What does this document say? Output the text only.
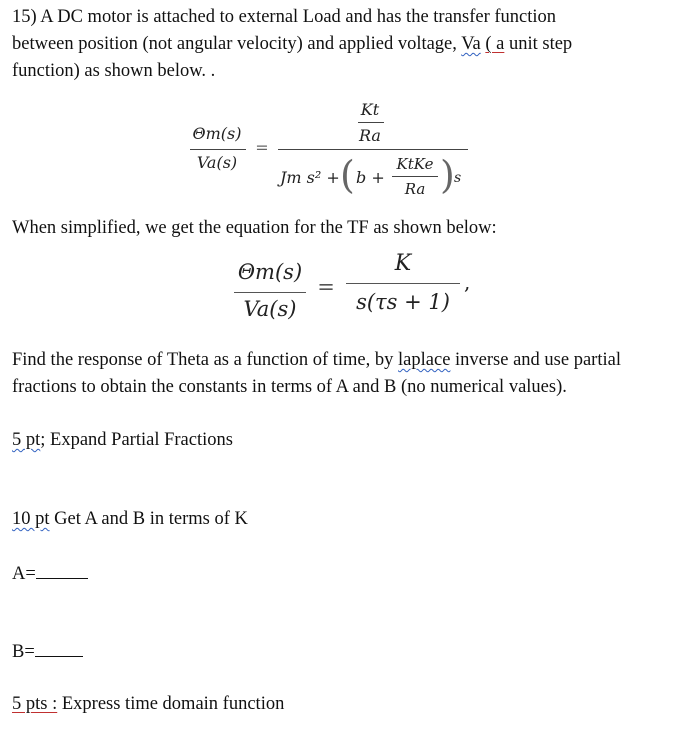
15) A DC motor is attached to external Load and has the transfer function
between position (not angular velocity) and applied voltage, Va ( a unit step
function) as shown below. .
Θm(s)
Va(s)
=
Kt
Ra
Jm s² + ( b +
KtKe
Ra ) s
When simplified, we get the equation for the TF as shown below:
Θm(s)
Va(s)
=
K
s(τs + 1)
,
Find the response of Theta as a function of time, by laplace inverse and use partial
fractions to obtain the constants in terms of A and B (no numerical values).
5 pt; Expand Partial Fractions
10 pt Get A and B in terms of K
A=
B=
5 pts : Express time domain function
